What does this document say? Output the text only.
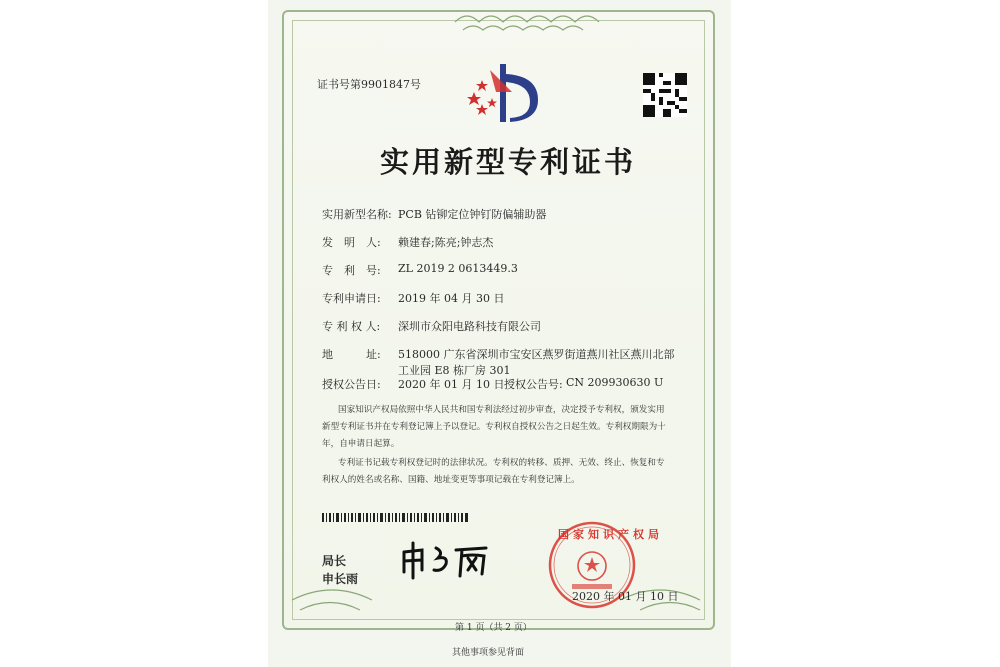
证书号第9901847号
实用新型专利证书
实用新型名称: PCB 钻铆定位钟钉防偏辅助器
发　明　人: 赖建春;陈亮;钟志杰
专　利　号: ZL 2019 2 0613449.3
专利申请日: 2019 年 04 月 30 日
专 利 权 人: 深圳市众阳电路科技有限公司
地　　　址: 518000 广东省深圳市宝安区燕罗街道燕川社区燕川北部
工业园 E8 栋厂房 301
授权公告日: 2020 年 01 月 10 日 授权公告号: CN 209930630 U
国家知识产权局依照中华人民共和国专利法经过初步审查，决定授予专利权，颁发实用
新型专利证书并在专利登记簿上予以登记。专利权自授权公告之日起生效。专利权期限为十
年，自申请日起算。
专利证书记载专利权登记时的法律状况。专利权的转移、质押、无效、终止、恢复和专
利权人的姓名或名称、国籍、地址变更等事项记载在专利登记簿上。
局长
申长雨
国家知识产权局
2020 年 01 月 10 日
第 1 页（共 2 页）
其他事项参见背面
